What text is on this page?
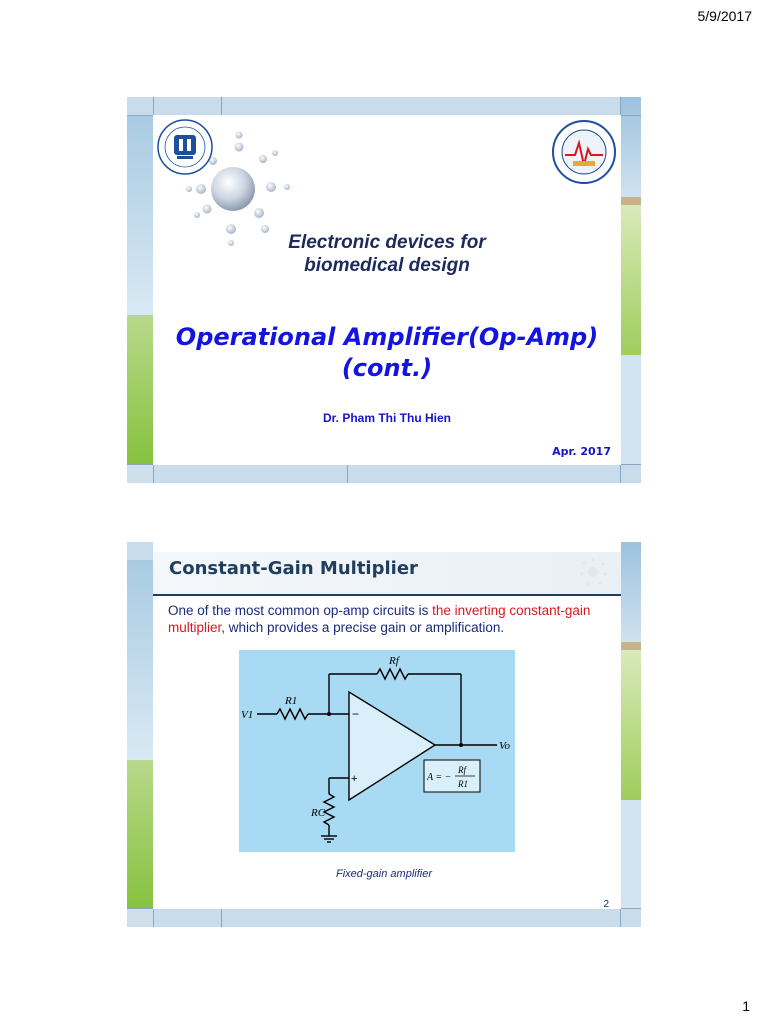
5/9/2017
Electronic devices for
biomedical design
Operational Amplifier(Op-Amp)
(cont.)
Dr. Pham Thi Thu Hien
Apr. 2017
Constant-Gain Multiplier
One of the most common op-amp circuits is the inverting constant-gain multiplier, which provides a precise gain or amplification.
Rf
R1
V1
Vo
RC
−
+	A = −
Rf
R1
Fixed-gain amplifier
2
1
